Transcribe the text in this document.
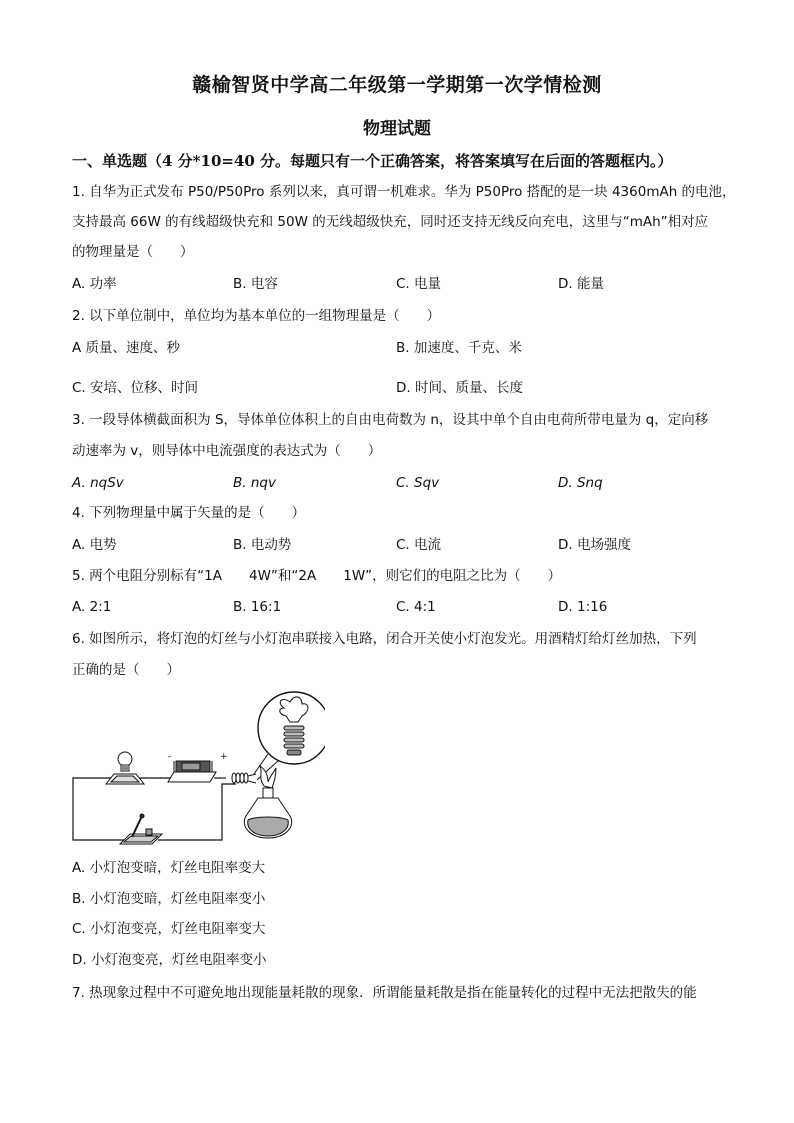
赣榆智贤中学高二年级第一学期第一次学情检测
物理试题
一、单选题（4 分*10=40 分。每题只有一个正确答案，将答案填写在后面的答题框内。）
1. 自华为正式发布 P50/P50Pro 系列以来，真可谓一机难求。华为 P50Pro 搭配的是一块 4360mAh 的电池，
支持最高 66W 的有线超级快充和 50W 的无线超级快充，同时还支持无线反向充电，这里与“mAh”相对应
的物理量是（　　）
A. 功率	B. 电容	C. 电量	D. 能量
2. 以下单位制中，单位均为基本单位的一组物理量是（　　）
A 质量、速度、秒	B. 加速度、千克、米
C. 安培、位移、时间	D. 时间、质量、长度
3. 一段导体横截面积为 S，导体单位体积上的自由电荷数为 n，设其中单个自由电荷所带电量为 q，定向移
动速率为 v，则导体中电流强度的表达式为（　　）
A. nqSv	B. nqv	C. Sqv	D. Snq
4. 下列物理量中属于矢量的是（　　）
A. 电势	B. 电动势	C. 电流	D. 电场强度
5. 两个电阻分别标有“1A　　4W”和“2A　　1W”，则它们的电阻之比为（　　）
A. 2:1	B. 16:1	C. 4:1	D. 1:16
6. 如图所示，将灯泡的灯丝与小灯泡串联接入电路，闭合开关使小灯泡发光。用酒精灯给灯丝加热，下列
正确的是（　　）
-	+
A. 小灯泡变暗，灯丝电阻率变大
B. 小灯泡变暗，灯丝电阻率变小
C. 小灯泡变亮，灯丝电阻率变大
D. 小灯泡变亮，灯丝电阻率变小
7. 热现象过程中不可避免地出现能量耗散的现象．所谓能量耗散是指在能量转化的过程中无法把散失的能
